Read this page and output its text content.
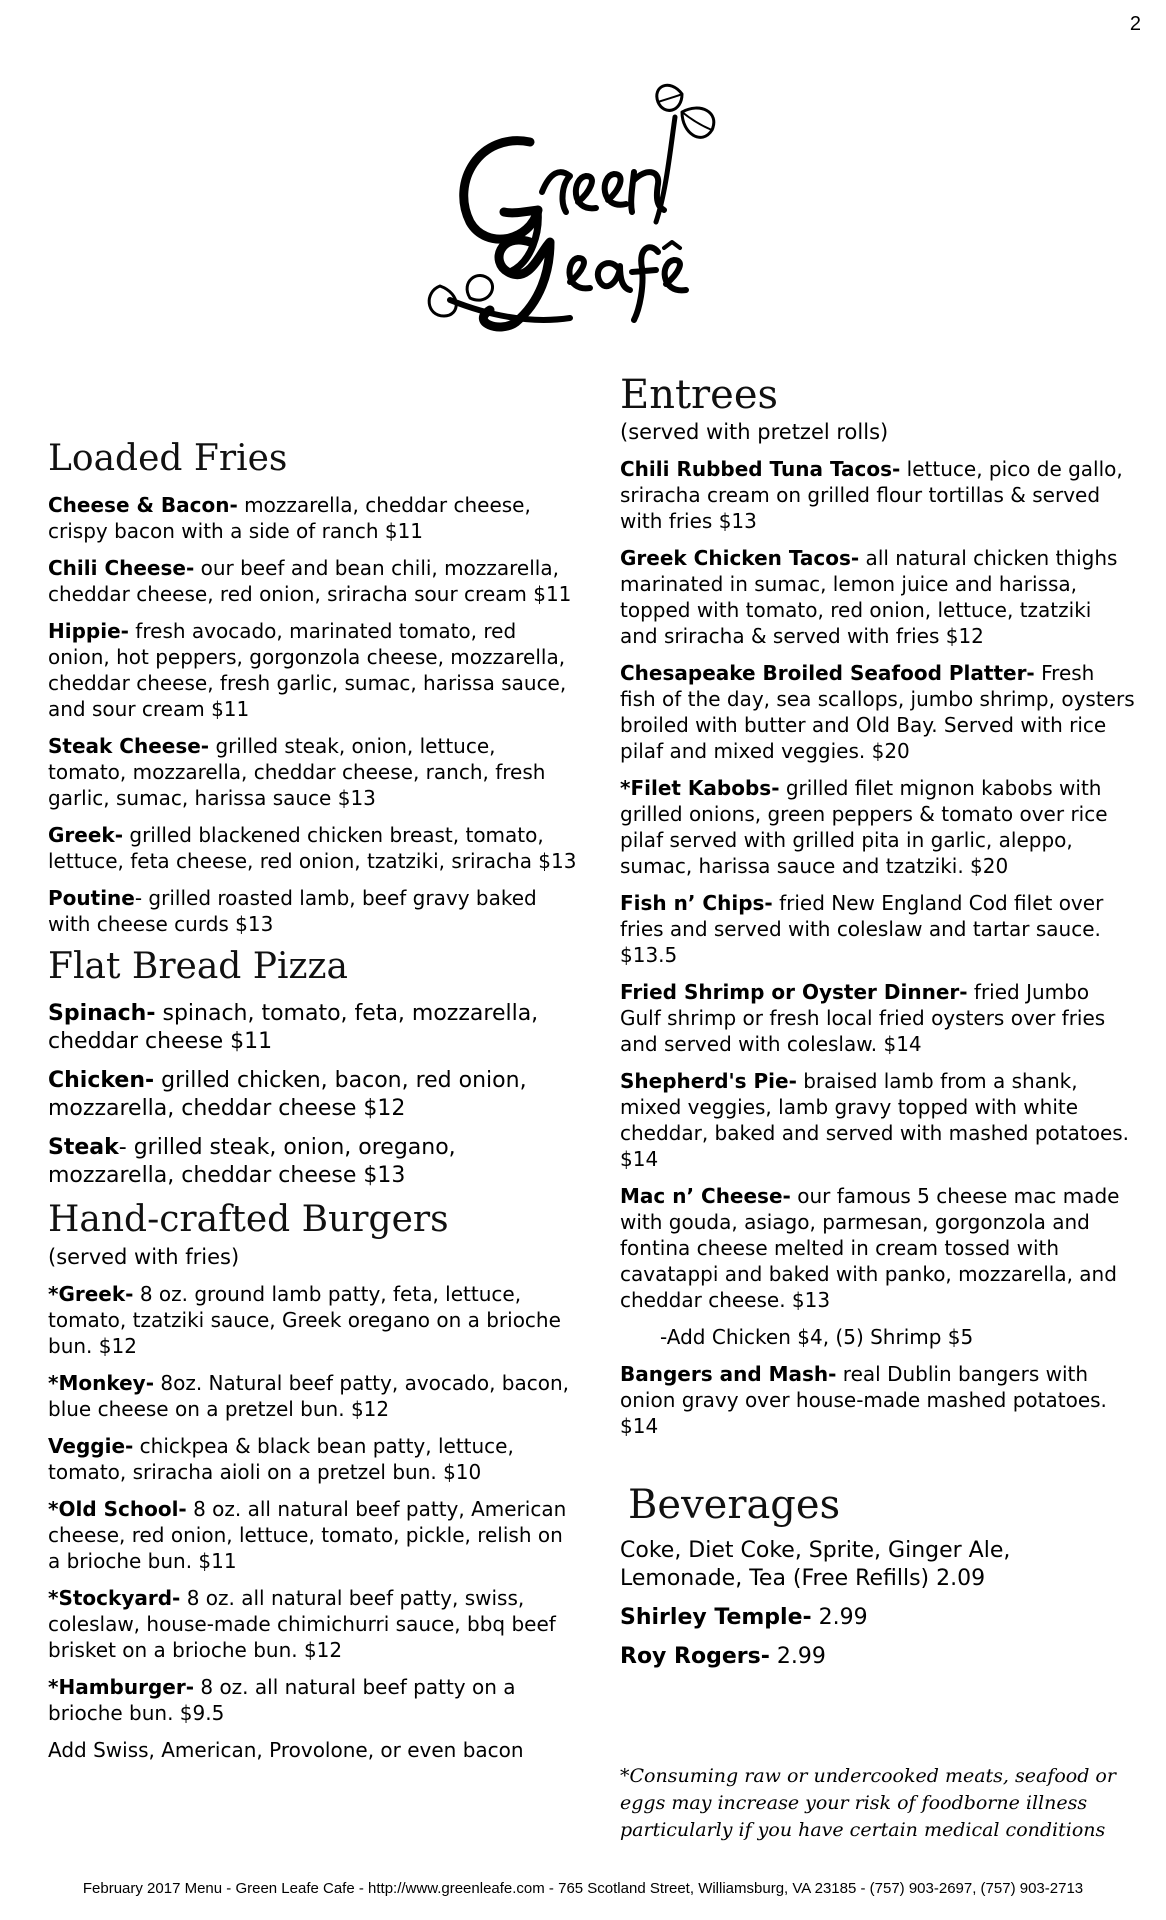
2
Loaded Fries
Cheese & Bacon- mozzarella, cheddar cheese, crispy bacon with a side of ranch $11
Chili Cheese- our beef and bean chili, mozzarella, cheddar cheese, red onion, sriracha sour cream $11
Hippie- fresh avocado, marinated tomato, red onion, hot peppers, gorgonzola cheese, mozzarella, cheddar cheese, fresh garlic, sumac, harissa sauce, and sour cream $11
Steak Cheese- grilled steak, onion, lettuce, tomato, mozzarella, cheddar cheese, ranch, fresh garlic, sumac, harissa sauce $13
Greek- grilled blackened chicken breast, tomato, lettuce, feta cheese, red onion, tzatziki, sriracha $13
Poutine- grilled roasted lamb, beef gravy baked with cheese curds $13
Flat Bread Pizza
Spinach- spinach, tomato, feta, mozzarella, cheddar cheese $11
Chicken- grilled chicken, bacon, red onion, mozzarella, cheddar cheese $12
Steak- grilled steak, onion, oregano, mozzarella, cheddar cheese $13
Hand-crafted Burgers
(served with fries)
*Greek- 8 oz. ground lamb patty, feta, lettuce, tomato, tzatziki sauce, Greek oregano on a brioche bun. $12
*Monkey- 8oz. Natural beef patty, avocado, bacon, blue cheese on a pretzel bun. $12
Veggie- chickpea & black bean patty, lettuce, tomato, sriracha aioli on a pretzel bun. $10
*Old School- 8 oz. all natural beef patty, American cheese, red onion, lettuce, tomato, pickle, relish on a brioche bun. $11
*Stockyard- 8 oz. all natural beef patty, swiss, coleslaw, house-made chimichurri sauce, bbq beef brisket on a brioche bun. $12
*Hamburger- 8 oz. all natural beef patty on a brioche bun. $9.5
Add Swiss, American, Provolone, or even bacon
Entrees
(served with pretzel rolls)
Chili Rubbed Tuna Tacos- lettuce, pico de gallo, sriracha cream on grilled flour tortillas & served with fries $13
Greek Chicken Tacos- all natural chicken thighs marinated in sumac, lemon juice and harissa, topped with tomato, red onion, lettuce, tzatziki and sriracha & served with fries $12
Chesapeake Broiled Seafood Platter- Fresh fish of the day, sea scallops, jumbo shrimp, oysters broiled with butter and Old Bay. Served with rice pilaf and mixed veggies. $20
*Filet Kabobs- grilled filet mignon kabobs with grilled onions, green peppers & tomato over rice pilaf served with grilled pita in garlic, aleppo, sumac, harissa sauce and tzatziki. $20
Fish n’ Chips- fried New England Cod filet over fries and served with coleslaw and tartar sauce. $13.5
Fried Shrimp or Oyster Dinner- fried Jumbo Gulf shrimp or fresh local fried oysters over fries and served with coleslaw. $14
Shepherd's Pie- braised lamb from a shank, mixed veggies, lamb gravy topped with white cheddar, baked and served with mashed potatoes. $14
Mac n’ Cheese- our famous 5 cheese mac made with gouda, asiago, parmesan, gorgonzola and fontina cheese melted in cream tossed with cavatappi and baked with panko, mozzarella, and cheddar cheese. $13
-Add Chicken $4, (5) Shrimp $5
Bangers and Mash- real Dublin bangers with onion gravy over house-made mashed potatoes. $14
Beverages
Coke, Diet Coke, Sprite, Ginger Ale, Lemonade, Tea (Free Refills) 2.09
Shirley Temple- 2.99
Roy Rogers- 2.99
*Consuming raw or undercooked meats, seafood or eggs may increase your risk of foodborne illness particularly if you have certain medical conditions
February 2017 Menu - Green Leafe Cafe - http://www.greenleafe.com - 765 Scotland Street, Williamsburg, VA 23185 - (757) 903-2697, (757) 903-2713
